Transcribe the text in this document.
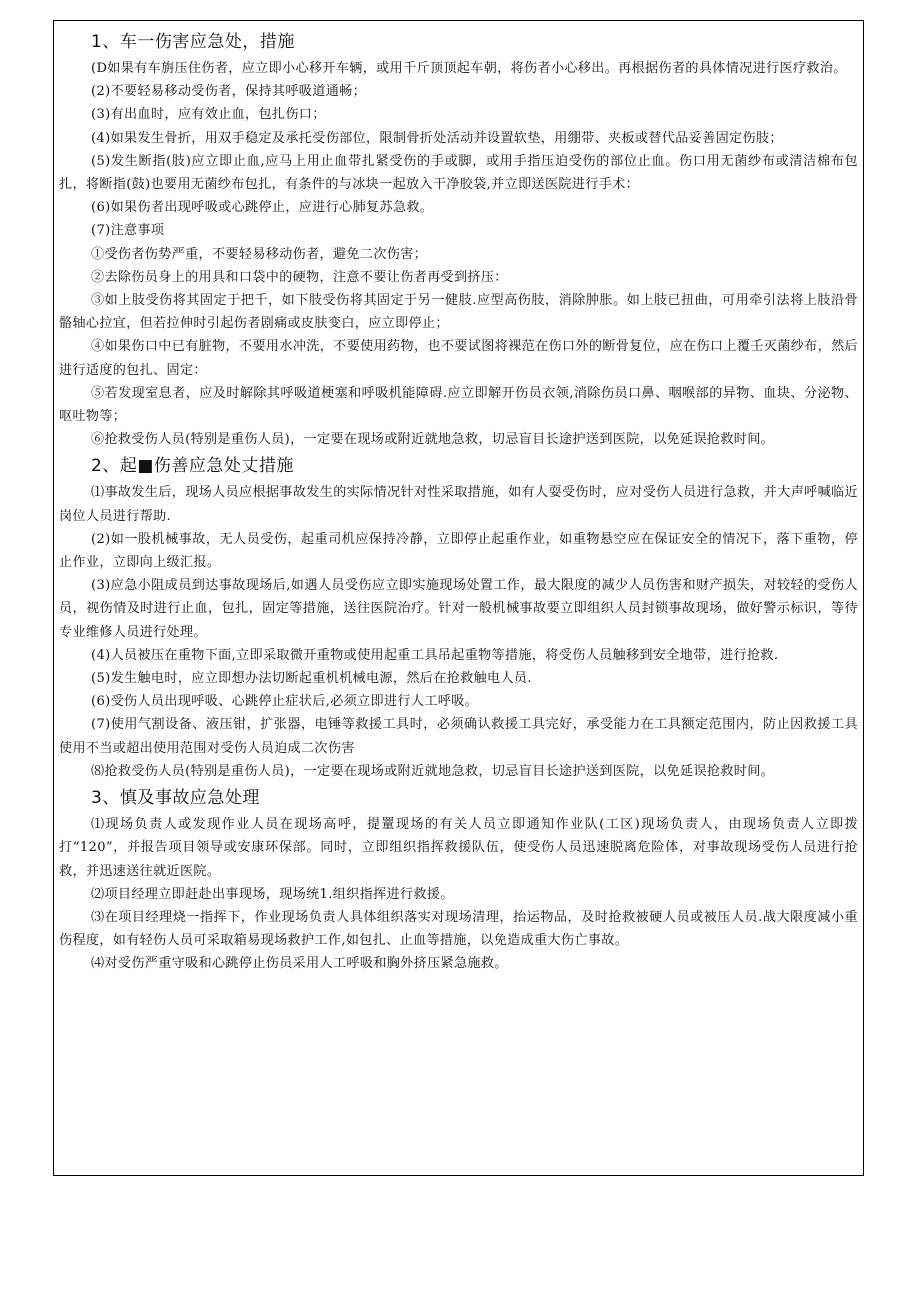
1、车一伤害应急处，措施

(D如果有车旃压住伤者，应立即小心移开车辆，或用千斤顶顶起车朝，将伤者小心移出。再根据伤者的具体情况进行医疗救治。

(2)不要轻易移动受伤者，保持其呼吸道通畅；

(3)有出血时，应有效止血，包扎伤口；

(4)如果发生骨折，用双手稳定及承托受伤部位，限制骨折处活动并设置软垫，用绷带、夹板或替代品妥善固定伤肢；

(5)发生断指(肢)应立即止血,应马上用止血带扎紧受伤的手或脚，或用手指压迫受伤的部位止血。伤口用无菌纱布或清洁棉布包扎，将断指(鼓)也要用无菌纱布包扎，有条件的与冰块一起放入干净胶袋,并立即送医院进行手术：

(6)如果伤者出现呼吸或心跳停止，应进行心肺复苏急救。

(7)注意事项

①受伤者伤势严重，不要轻易移动伤者，避免二次伤害；

②去除伤员身上的用具和口袋中的硬物，注意不要让伤者再受到挤压：

③如上肢受伤将其固定于把千，如下肢受伤将其固定于另一健肢.应型高伤肢，消除肿胀。如上肢已扭曲，可用牵引法将上肢沿骨骼轴心拉宜，但若拉伸时引起伤者剧痛或皮肤变白，应立即停止；

④如果伤口中已有脏物，不要用水冲洗，不要使用药物，也不要试图将裸范在伤口外的断骨复位，应在伤口上覆壬灭菌纱布，然后进行适度的包扎、固定：

⑤若发现室息者，应及时解除其呼吸道梗塞和呼吸机能障碍.应立即解开伤员衣领,消除伤员口鼻、咽喉部的异物、血块、分泌物、呕吐物等；

⑥抢救受伤人员(特别是重伤人员)，一定要在现场或附近就地急救，切忌盲目长途护送到医院，以免延误抢救时间。

2、起■伤善应急处丈措施

⑴事故发生后，现场人员应根据事故发生的实际情况针对性采取措施，如有人耍受伤时，应对受伤人员进行急救，并大声呼喊临近岗位人员进行帮助.

(2)如一股机械事故，无人员受伤，起重司机应保持冷静，立即停止起重作业，如重物悬空应在保证安全的情况下，落下重物，停止作业，立即向上级汇报。

(3)应急小阻成员到达事故现场后,如遇人员受伤应立即实施现场处置工作，最大限度的减少人员伤害和财产损失，对较轻的受伤人员，视伤情及时进行止血，包扎，固定等措施，送往医院治疗。针对一般机械事故要立即组织人员封锁事故现场，做好警示标识，等待专业维修人员进行处理。

(4)人员被压在重物下面,立即采取微开重物或使用起重工具吊起重物等措施，将受伤人员触移到安全地带，进行抢救.

(5)发生触电时，应立即想办法切断起重机机械电源，然后在抢救触电人员.

(6)受伤人员出现呼吸、心跳停止症状后,必须立即进行人工呼吸。

(7)使用气割设备、液压钳，扩张器，电锤等救援工具时，必须确认救援工具完好，承受能力在工具额定范围内，防止因救援工具使用不当或超出使用范围对受伤人员迫成二次伤害

⑻抢救受伤人员(特别是重伤人员)，一定要在现场或附近就地急救，切忌盲目长途护送到医院，以免延误抢救时间。

3、慎及事故应急处理

⑴现场负责人或发现作业人员在现场高呼，提罿现场的有关人员立即通知作业队(工区)现场负责人，由现场负责人立即拨打“120”，并报告项目领导或安康环保部。同时，立即组织指挥救援队伍，使受伤人员迅速脱离危险体，对事故现场受伤人员进行抢救，并迅速送往就近医院。

⑵项目经理立即赶赴出事现场，现场统1.组织指挥进行救援。

⑶在项目经理烧一指挥下，作业现场负责人具体组织落实对现场清理，抬运物品，及时抢救被硬人员或被压人员.战大限度减小重伤程度，如有轻伤人员可采取箱易现场救护工作,如包扎、止血等措施，以免造成重大伤亡事故。

⑷对受伤严重守吸和心跳停止伤员采用人工呼吸和胸外挤压紧急施救。
